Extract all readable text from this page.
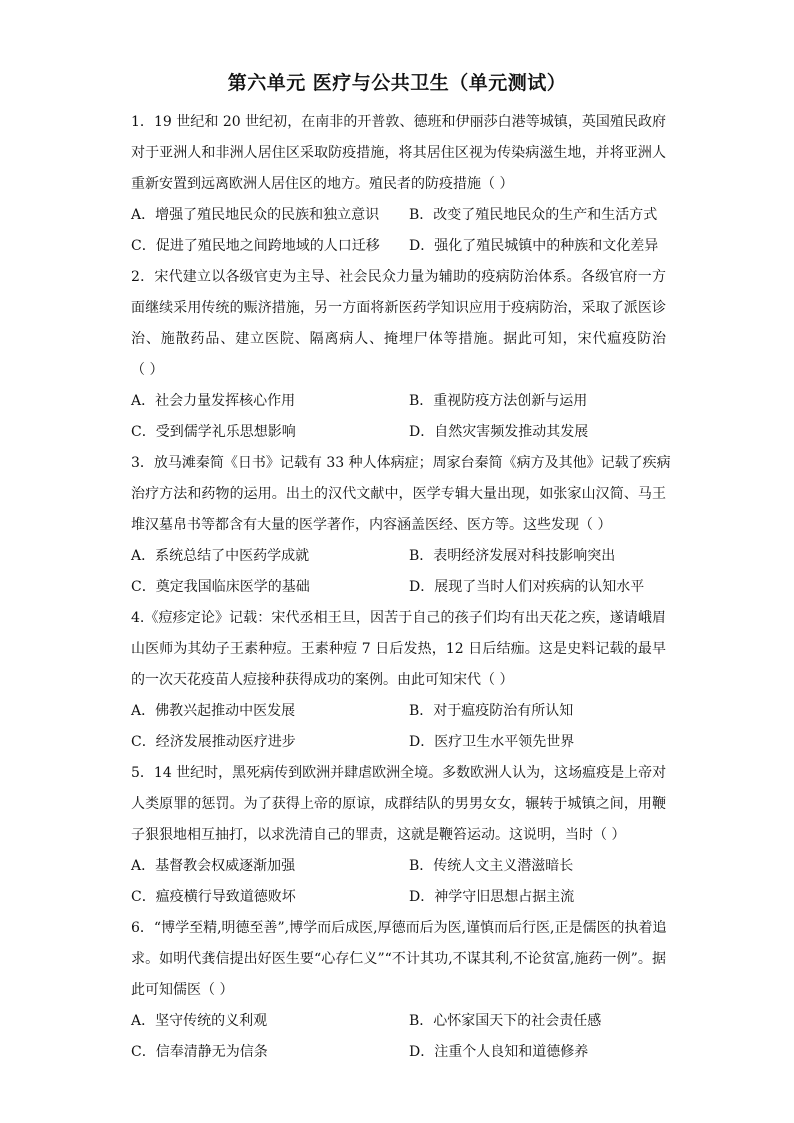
第六单元 医疗与公共卫生（单元测试）
1．19 世纪和 20 世纪初，在南非的开普敦、德班和伊丽莎白港等城镇，英国殖民政府
对于亚洲人和非洲人居住区采取防疫措施，将其居住区视为传染病滋生地，并将亚洲人
重新安置到远离欧洲人居住区的地方。殖民者的防疫措施（ ）
A．增强了殖民地民众的民族和独立意识 B．改变了殖民地民众的生产和生活方式
C．促进了殖民地之间跨地域的人口迁移 D．强化了殖民城镇中的种族和文化差异
2．宋代建立以各级官吏为主导、社会民众力量为辅助的疫病防治体系。各级官府一方
面继续采用传统的赈济措施，另一方面将新医药学知识应用于疫病防治，采取了派医诊
治、施散药品、建立医院、隔离病人、掩埋尸体等措施。据此可知，宋代瘟疫防治
（ ）
A．社会力量发挥核心作用	B．重视防疫方法创新与运用
C．受到儒学礼乐思想影响	D．自然灾害频发推动其发展
3．放马滩秦简《日书》记载有 33 种人体病症；周家台秦简《病方及其他》记载了疾病
治疗方法和药物的运用。出土的汉代文献中，医学专辑大量出现，如张家山汉简、马王
堆汉墓帛书等都含有大量的医学著作，内容涵盖医经、医方等。这些发现（ ）
A．系统总结了中医药学成就	B．表明经济发展对科技影响突出
C．奠定我国临床医学的基础	D．展现了当时人们对疾病的认知水平
4.《痘疹定论》记载：宋代丞相王旦，因苦于自己的孩子们均有出天花之疾，遂请峨眉
山医师为其幼子王素种痘。王素种痘 7 日后发热，12 日后结痂。这是史料记载的最早
的一次天花疫苗人痘接种获得成功的案例。由此可知宋代（ ）
A．佛教兴起推动中医发展	B．对于瘟疫防治有所认知
C．经济发展推动医疗进步	D．医疗卫生水平领先世界
5．14 世纪时，黑死病传到欧洲并肆虐欧洲全境。多数欧洲人认为，这场瘟疫是上帝对
人类原罪的惩罚。为了获得上帝的原谅，成群结队的男男女女，辗转于城镇之间，用鞭
子狠狠地相互抽打，以求洗清自己的罪责，这就是鞭笞运动。这说明，当时（ ）
A．基督教会权威逐渐加强	B．传统人文主义潜滋暗长
C．瘟疫横行导致道德败坏	D．神学守旧思想占据主流
6．“博学至精,明德至善”,博学而后成医,厚德而后为医,谨慎而后行医,正是儒医的执着追
求。如明代龚信提出好医生要“心存仁义”“不计其功,不谋其利,不论贫富,施药一例”。据
此可知儒医（ ）
A．坚守传统的义利观	B．心怀家国天下的社会责任感
C．信奉清静无为信条	D．注重个人良知和道德修养
